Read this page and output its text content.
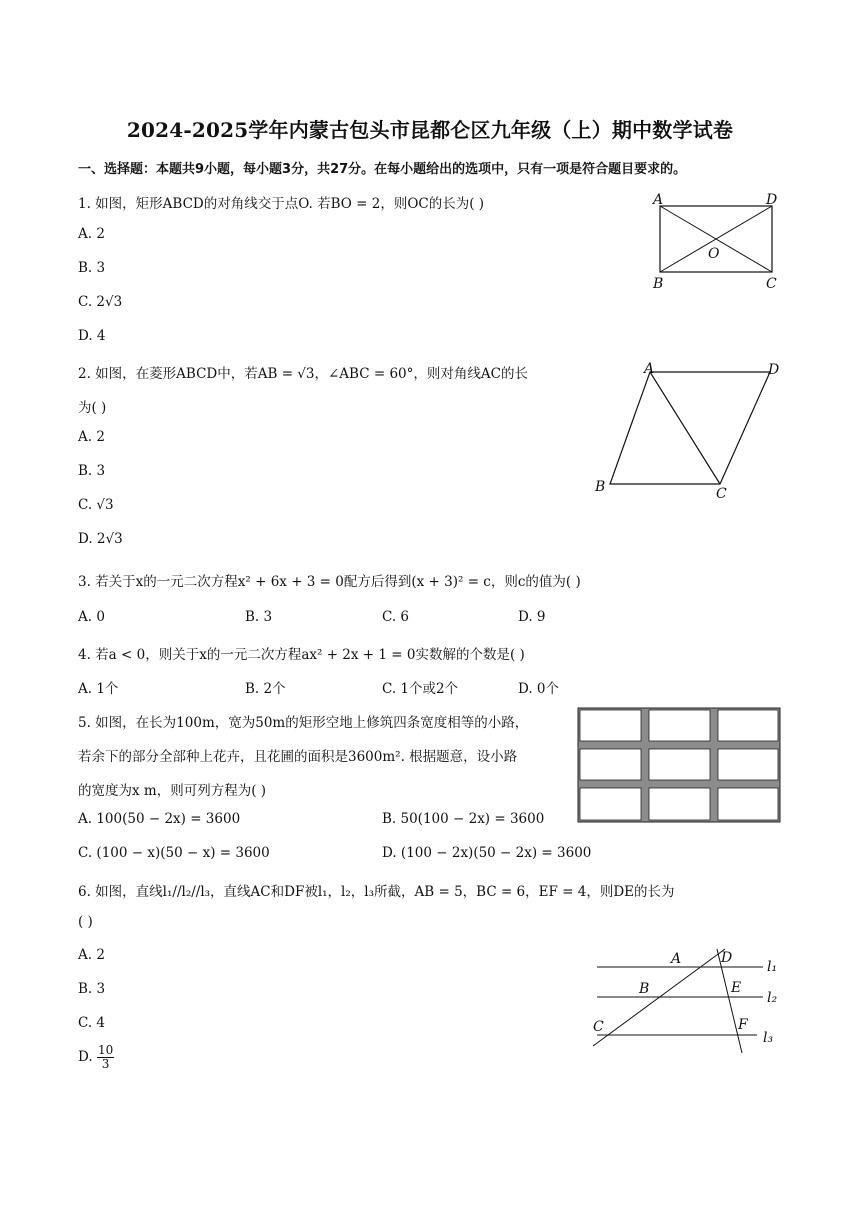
2024-2025学年内蒙古包头市昆都仑区九年级（上）期中数学试卷
一、选择题：本题共9小题，每小题3分，共27分。在每小题给出的选项中，只有一项是符合题目要求的。
1. 如图，矩形ABCD的对角线交于点O. 若BO = 2，则OC的长为( )
A. 2
B. 3
C. 2√3
D. 4
A	D
B	C
O
2. 如图，在菱形ABCD中，若AB = √3，∠ABC = 60°，则对角线AC的长
为( )
A. 2
B. 3
C. √3
D. 2√3
A	D
B	C
3. 若关于x的一元二次方程x² + 6x + 3 = 0配方后得到(x + 3)² = c，则c的值为( )
A. 0	B. 3	C. 6	D. 9
4. 若a < 0，则关于x的一元二次方程ax² + 2x + 1 = 0实数解的个数是( )
A. 1个	B. 2个	C. 1个或2个	D. 0个
5. 如图，在长为100m，宽为50m的矩形空地上修筑四条宽度相等的小路，
若余下的部分全部种上花卉，且花圃的面积是3600m². 根据题意，设小路
的宽度为x m，则可列方程为( )
A. 100(50 − 2x) = 3600	B. 50(100 − 2x) = 3600
C. (100 − x)(50 − x) = 3600	D. (100 − 2x)(50 − 2x) = 3600
6. 如图，直线l₁//l₂//l₃，直线AC和DF被l₁，l₂，l₃所截，AB = 5，BC = 6，EF = 4，则DE的长为
( )
A. 2
B. 3
C. 4
D. $\frac{10}{3}$
A	D
B	E
C	F
l₁
l₂
l₃
